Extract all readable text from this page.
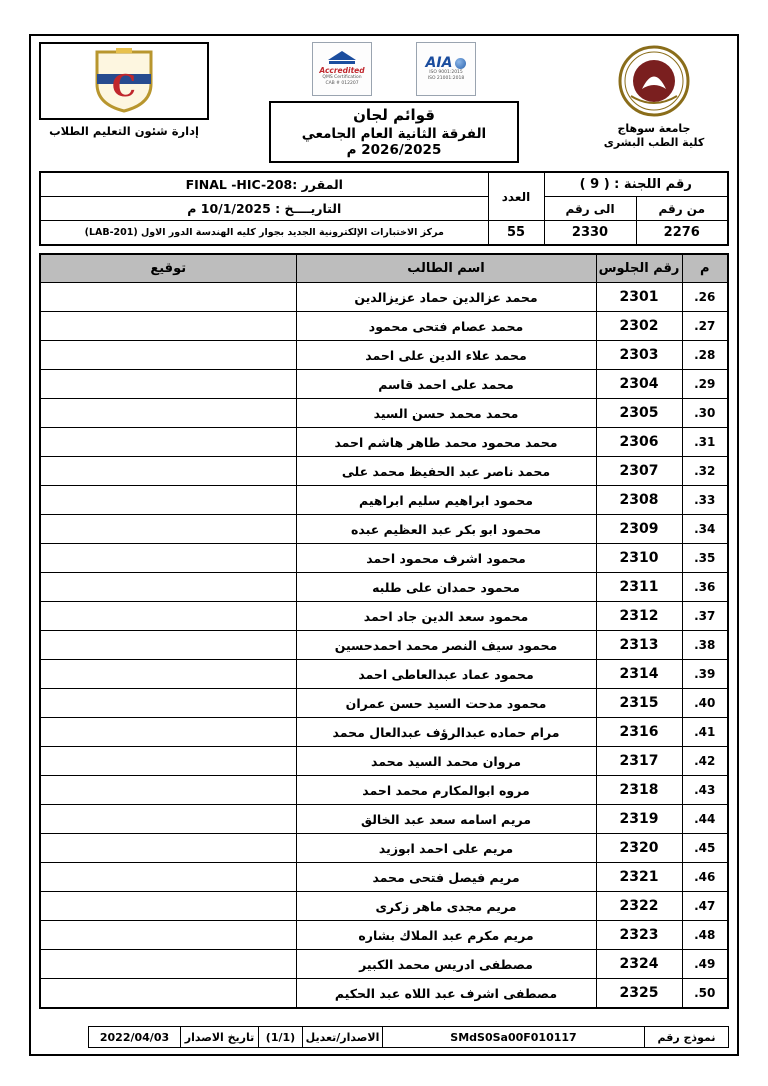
جامعة سوهاج
كلية الطب البشرى
AIA
ISO 9001:2015
ISO 21001:2018
Accredited
QMS Certification
CAB # 012207
قوائم لجان
الفرقة الثانية العام الجامعي 2026/2025 م
C
إدارة شئون التعليم الطلاب
رقم اللجنة : ( 9 )		العدد	المقرر :FINAL -HIC-208
من رقم	الى رقم		التاريــــخ : 10/1/2025 م
2276	2330	55	مركز الاختبارات الإلكترونية الجديد بجوار كليه الهندسة الدور الاول (LAB-201)
م	رقم الجلوس	اسم الطالب	توقيع
26.	2301	محمد عزالدين حماد عزيزالدين	
27.	2302	محمد عصام فتحى محمود	
28.	2303	محمد علاء الدين على احمد	
29.	2304	محمد على احمد قاسم	
30.	2305	محمد محمد حسن السيد	
31.	2306	محمد محمود محمد طاهر هاشم احمد	
32.	2307	محمد ناصر عبد الحفيظ محمد على	
33.	2308	محمود ابراهيم سليم ابراهيم	
34.	2309	محمود ابو بكر عبد العظيم عبده	
35.	2310	محمود اشرف محمود احمد	
36.	2311	محمود حمدان على طلبه	
37.	2312	محمود سعد الدين جاد احمد	
38.	2313	محمود سيف النصر محمد احمدحسين	
39.	2314	محمود عماد عبدالعاطى احمد	
40.	2315	محمود مدحت السيد حسن عمران	
41.	2316	مرام حماده عبدالرؤف عبدالعال محمد	
42.	2317	مروان محمد السيد محمد	
43.	2318	مروه ابوالمكارم محمد احمد	
44.	2319	مريم اسامه سعد عبد الخالق	
45.	2320	مريم على احمد ابوزيد	
46.	2321	مريم فيصل فتحى محمد	
47.	2322	مريم مجدى ماهر زكرى	
48.	2323	مريم مكرم عبد الملاك بشاره	
49.	2324	مصطفى ادريس محمد الكبير	
50.	2325	مصطفى اشرف عبد اللاه عبد الحكيم	
نموذج رقم	SMdS0Sa00F010117	الاصدار/تعديل	(1/1)	تاريخ الاصدار	2022/04/03
